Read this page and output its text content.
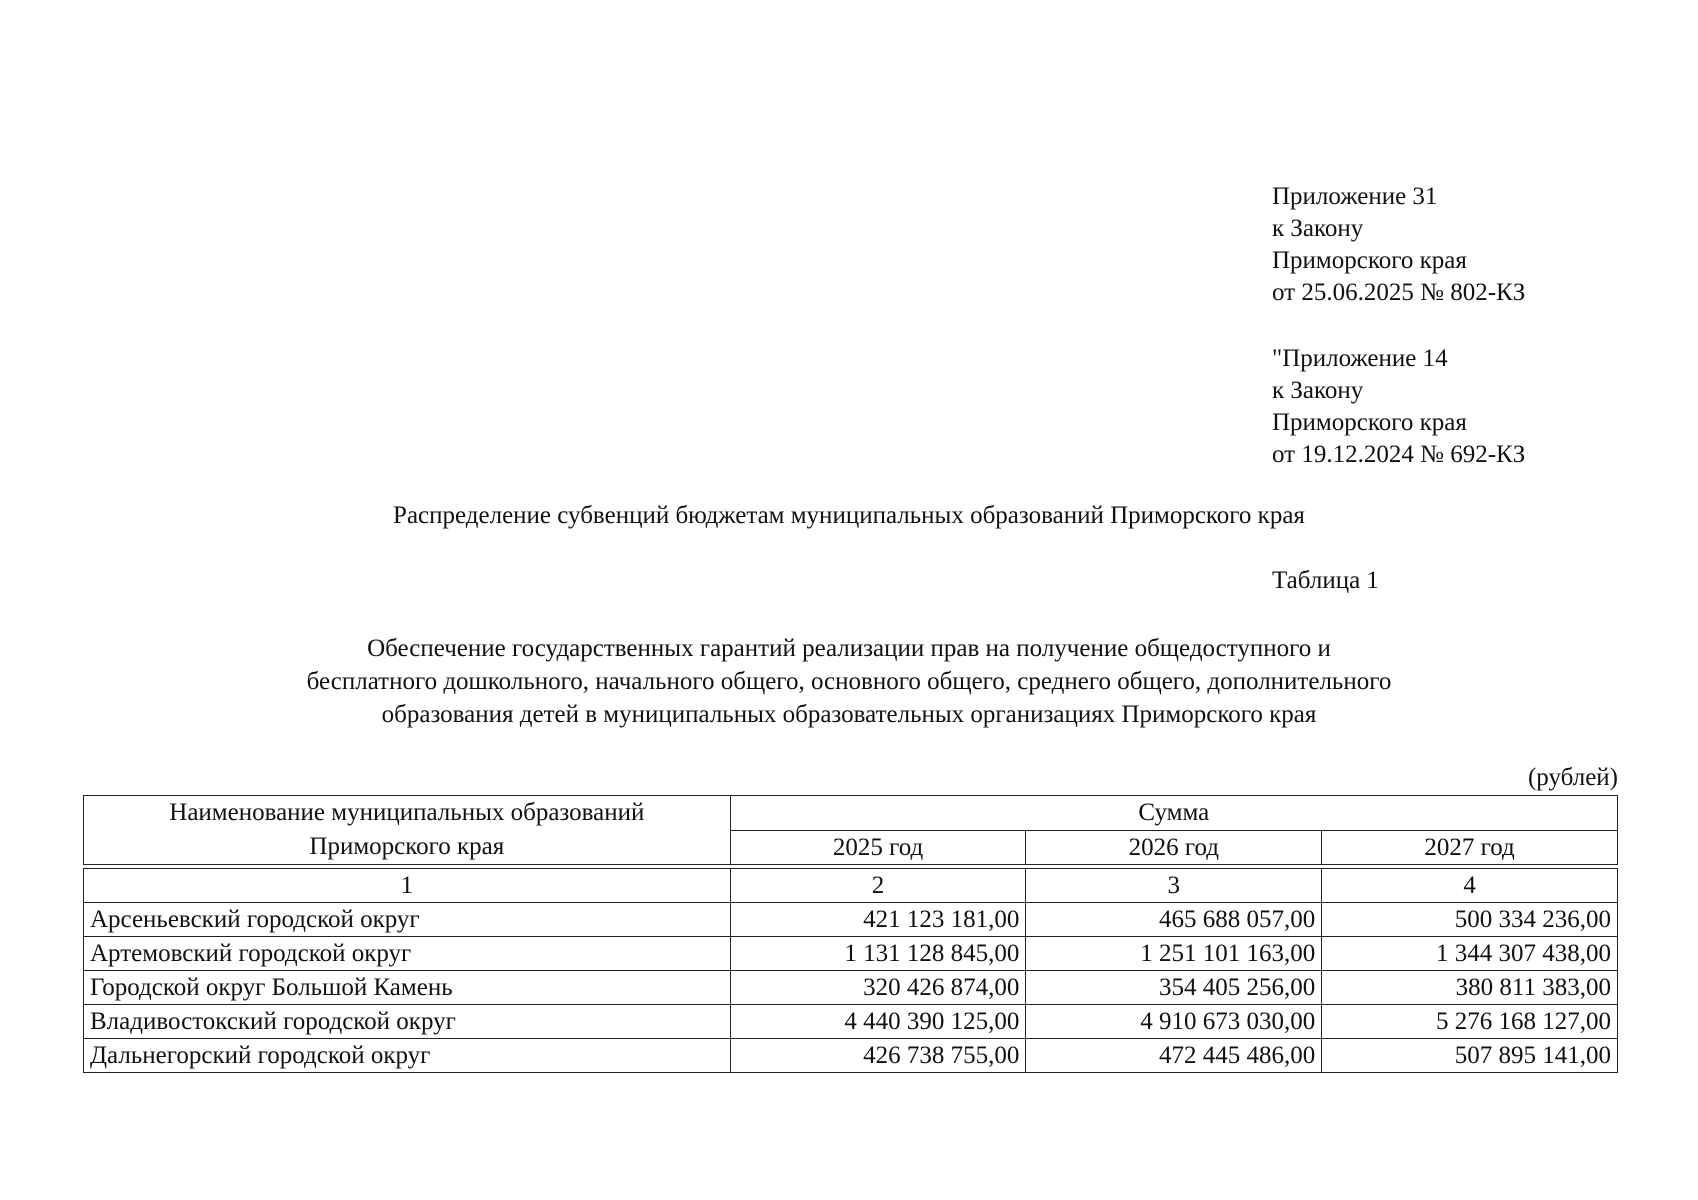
Приложение 31
к Закону
Приморского края
от 25.06.2025 № 802-КЗ
"Приложение 14
к Закону
Приморского края
от 19.12.2024 № 692-КЗ
Распределение субвенций бюджетам муниципальных образований Приморского края
Таблица 1
Обеспечение государственных гарантий реализации прав на получение общедоступного и
бесплатного дошкольного, начального общего, основного общего, среднего общего, дополнительного
образования детей в муниципальных образовательных организациях Приморского края
(рублей)
Наименование муниципальных образований
Приморского края	Сумма		
	2025 год	2026 год	2027 год

1	2	3	4
Арсеньевский городской округ	421 123 181,00	465 688 057,00	500 334 236,00
Артемовский городской округ	1 131 128 845,00	1 251 101 163,00	1 344 307 438,00
Городской округ Большой Камень	320 426 874,00	354 405 256,00	380 811 383,00
Владивостокский городской округ	4 440 390 125,00	4 910 673 030,00	5 276 168 127,00
Дальнегорский городской округ	426 738 755,00	472 445 486,00	507 895 141,00
